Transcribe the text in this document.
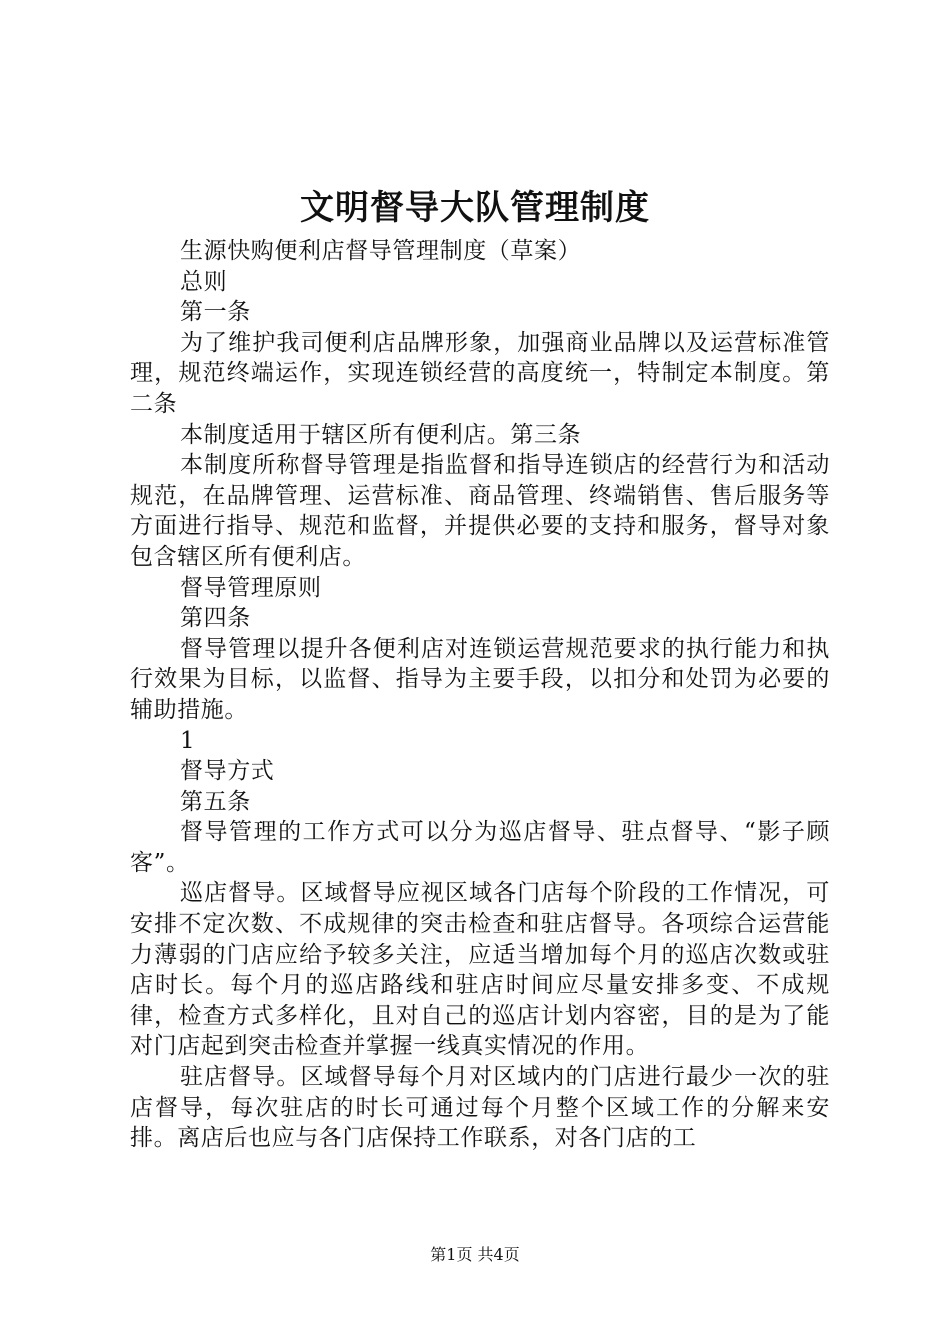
文明督导大队管理制度

生源快购便利店督导管理制度（草案）

总则

第一条

为了维护我司便利店品牌形象，加强商业品牌以及运营标准管理，规范终端运作，实现连锁经营的高度统一，特制定本制度。第二条

本制度适用于辖区所有便利店。第三条

本制度所称督导管理是指监督和指导连锁店的经营行为和活动规范，在品牌管理、运营标准、商品管理、终端销售、售后服务等方面进行指导、规范和监督，并提供必要的支持和服务，督导对象包含辖区所有便利店。

督导管理原则

第四条

督导管理以提升各便利店对连锁运营规范要求的执行能力和执行效果为目标，以监督、指导为主要手段，以扣分和处罚为必要的辅助措施。

1

督导方式

第五条

督导管理的工作方式可以分为巡店督导、驻点督导、“影子顾客”。

巡店督导。区域督导应视区域各门店每个阶段的工作情况，可安排不定次数、不成规律的突击检查和驻店督导。各项综合运营能力薄弱的门店应给予较多关注，应适当增加每个月的巡店次数或驻店时长。每个月的巡店路线和驻店时间应尽量安排多变、不成规律，检查方式多样化，且对自己的巡店计划内容密，目的是为了能对门店起到突击检查并掌握一线真实情况的作用。

驻店督导。区域督导每个月对区域内的门店进行最少一次的驻店督导，每次驻店的时长可通过每个月整个区域工作的分解来安排。离店后也应与各门店保持工作联系，对各门店的工

第1页 共4页
